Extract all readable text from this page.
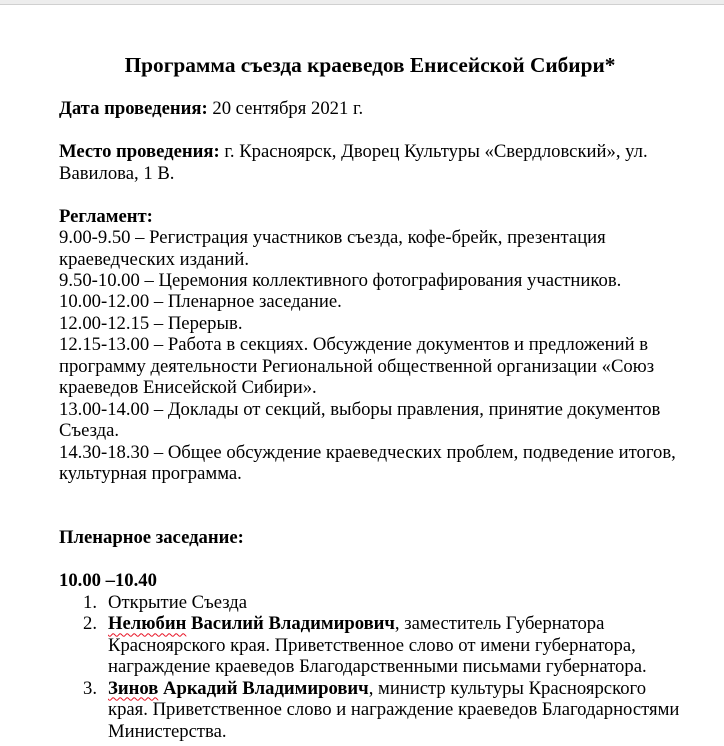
Программа съезда краеведов Енисейской Сибири*

Дата проведения: 20 сентября 2021 г.

Место проведения: г. Красноярск, Дворец Культуры «Свердловский», ул. Вавилова, 1 В.

Регламент:

9.00-9.50 – Регистрация участников съезда, кофе-брейк, презентация краеведческих изданий.

9.50-10.00 – Церемония коллективного фотографирования участников.

10.00-12.00 – Пленарное заседание.

12.00-12.15 – Перерыв.

12.15-13.00 – Работа в секциях. Обсуждение документов и предложений в программу деятельности Региональной общественной организации «Союз краеведов Енисейской Сибири».

13.00-14.00 – Доклады от секций, выборы правления, принятие документов Съезда.

14.30-18.30 – Общее обсуждение краеведческих проблем, подведение итогов, культурная программа.

Пленарное заседание:

10.00 –10.40

1. Открытие Съезда
2. Нелюбин Василий Владимирович, заместитель Губернатора Красноярского края. Приветственное слово от имени губернатора, награждение краеведов Благодарственными письмами губернатора.
3. Зинов Аркадий Владимирович, министр культуры Красноярского края. Приветственное слово и награждение краеведов Благодарностями Министерства.
